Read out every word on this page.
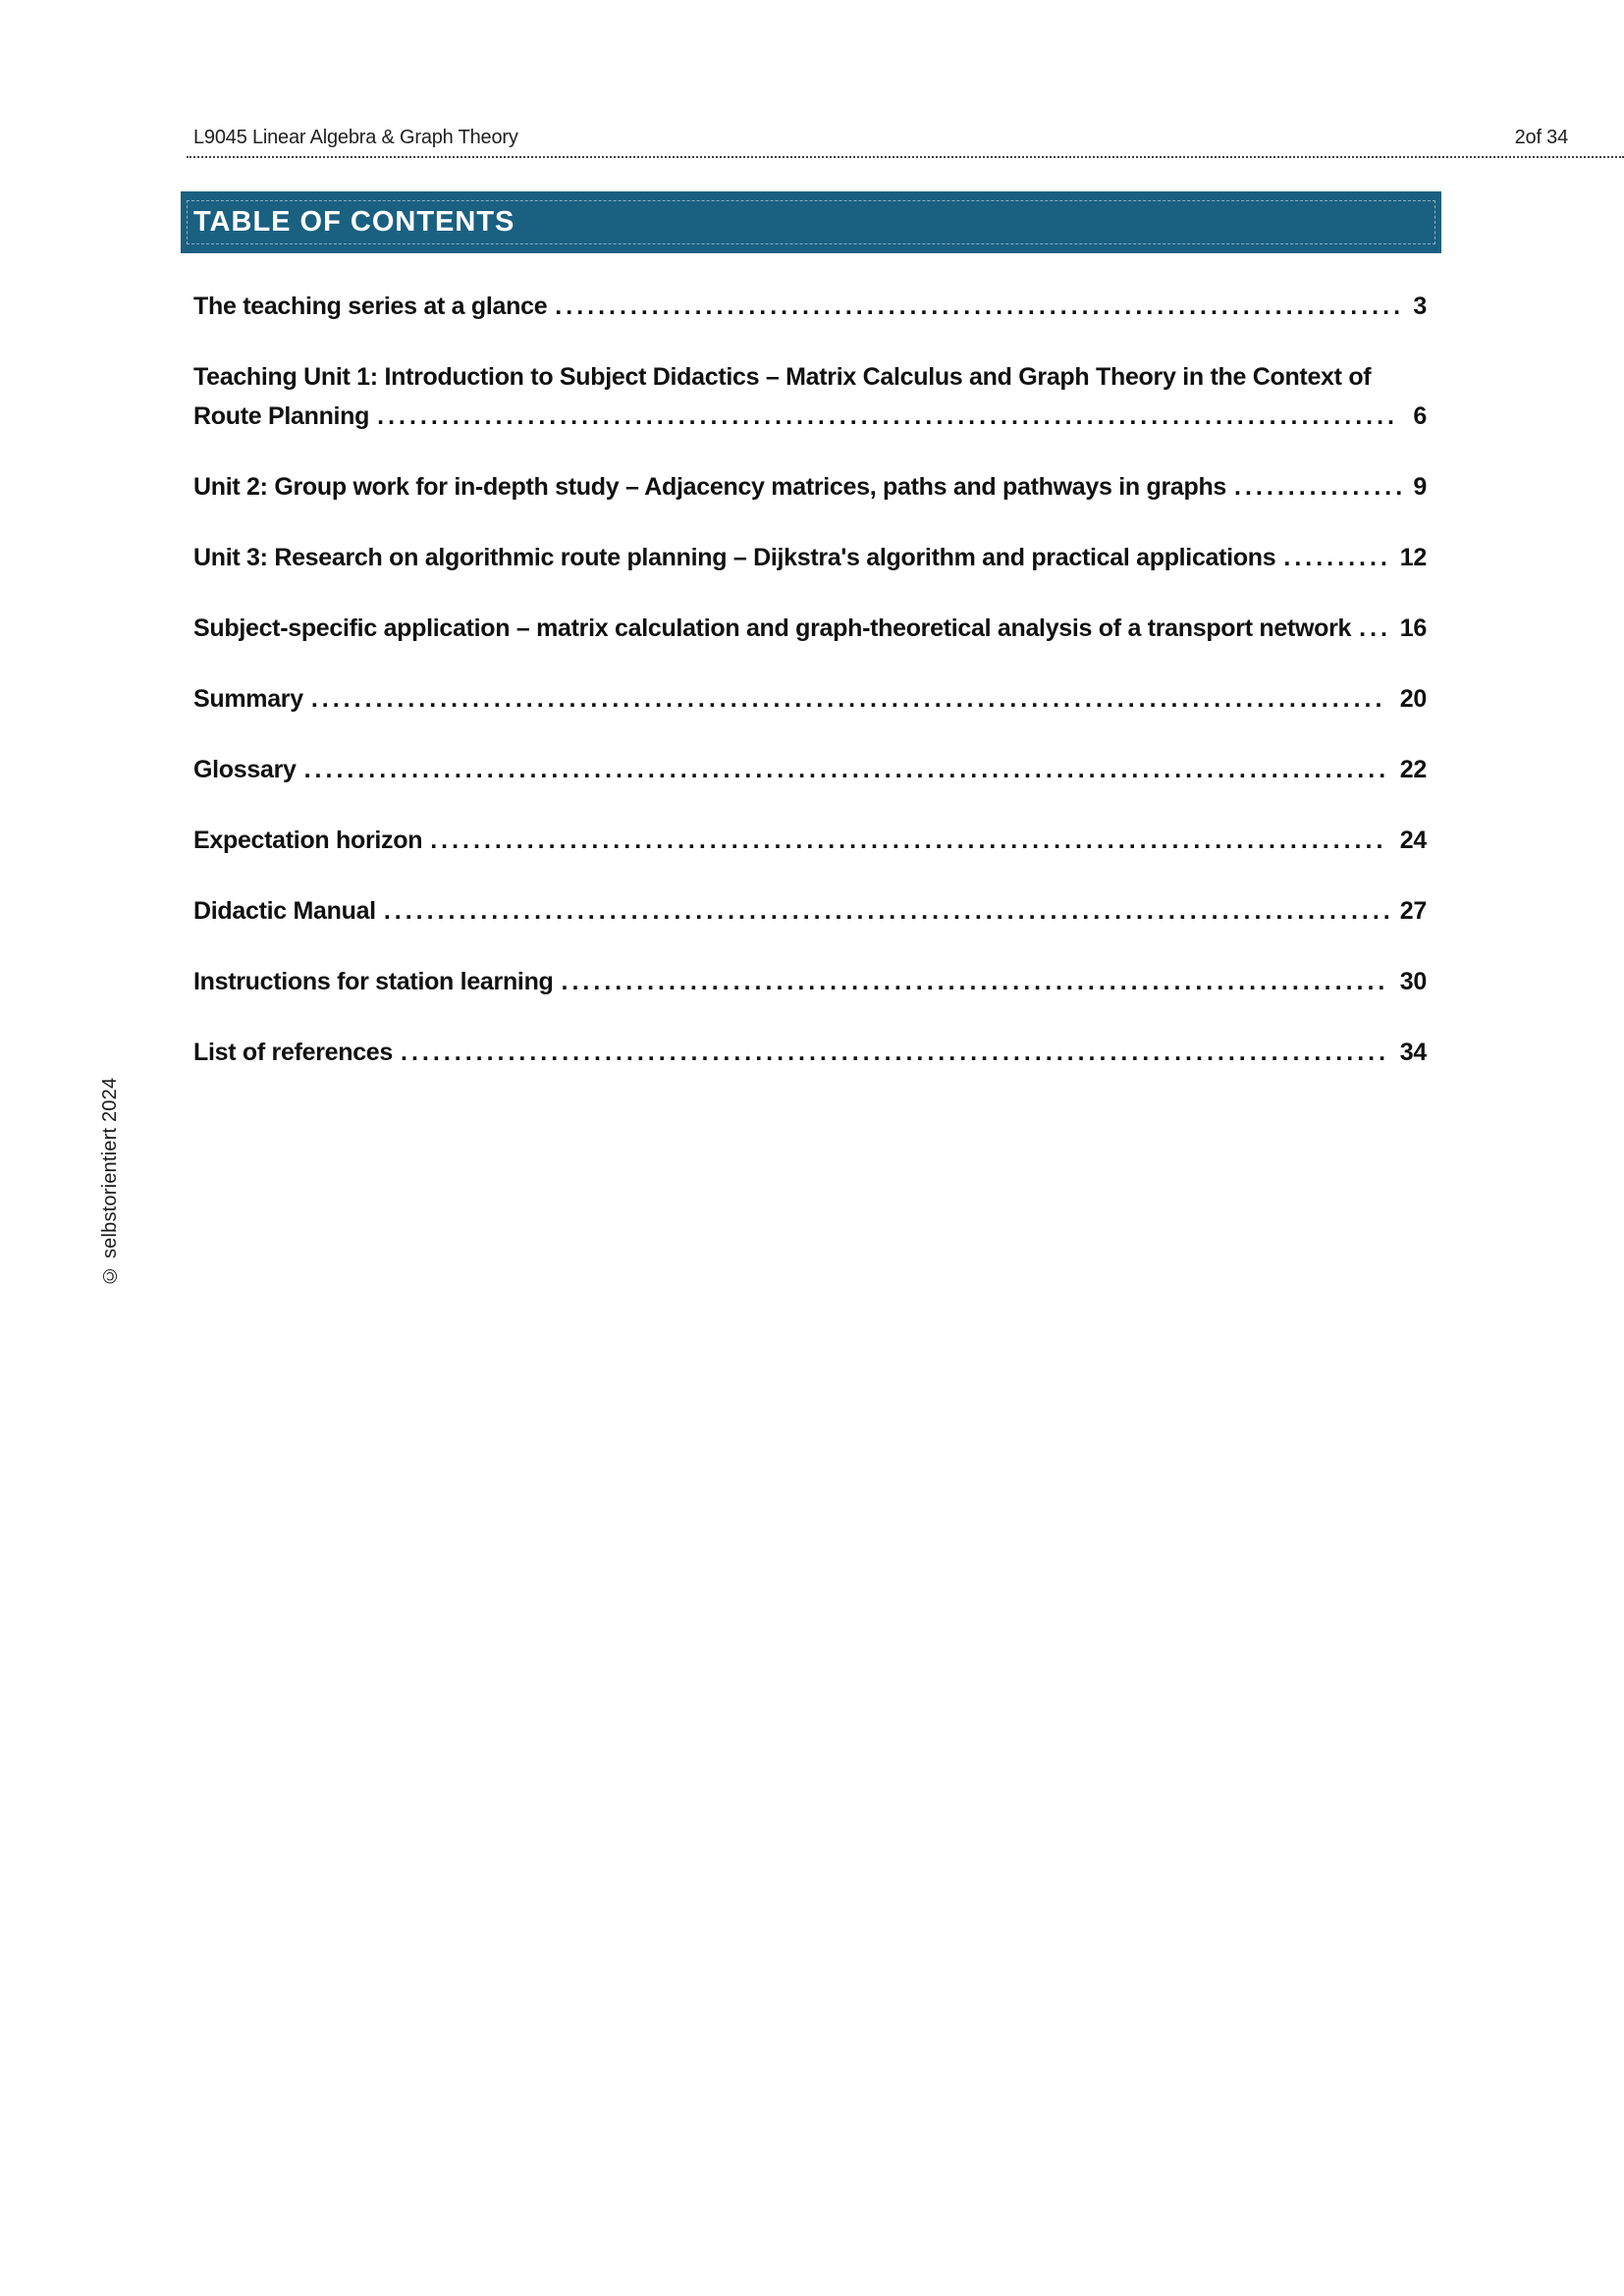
L9045 Linear Algebra & Graph Theory	2of 34
TABLE OF CONTENTS

The teaching series at a glance ............................................................................... 3

Teaching Unit 1: Introduction to Subject Didactics – Matrix Calculus and Graph Theory in the Context of Route Planning ............................................................................................... 6

Unit 2: Group work for in-depth study – Adjacency matrices, paths and pathways in graphs ................ 9

Unit 3: Research on algorithmic route planning – Dijkstra's algorithm and practical applications .......... 12

Subject-specific application – matrix calculation and graph-theoretical analysis of a transport network ... 16

Summary .................................................................................................... 20

Glossary ..................................................................................................... 22

Expectation horizon ......................................................................................... 24

Didactic Manual .............................................................................................. 27

Instructions for station learning ............................................................................. 30

List of references ............................................................................................ 34

© selbstorientiert 2024
